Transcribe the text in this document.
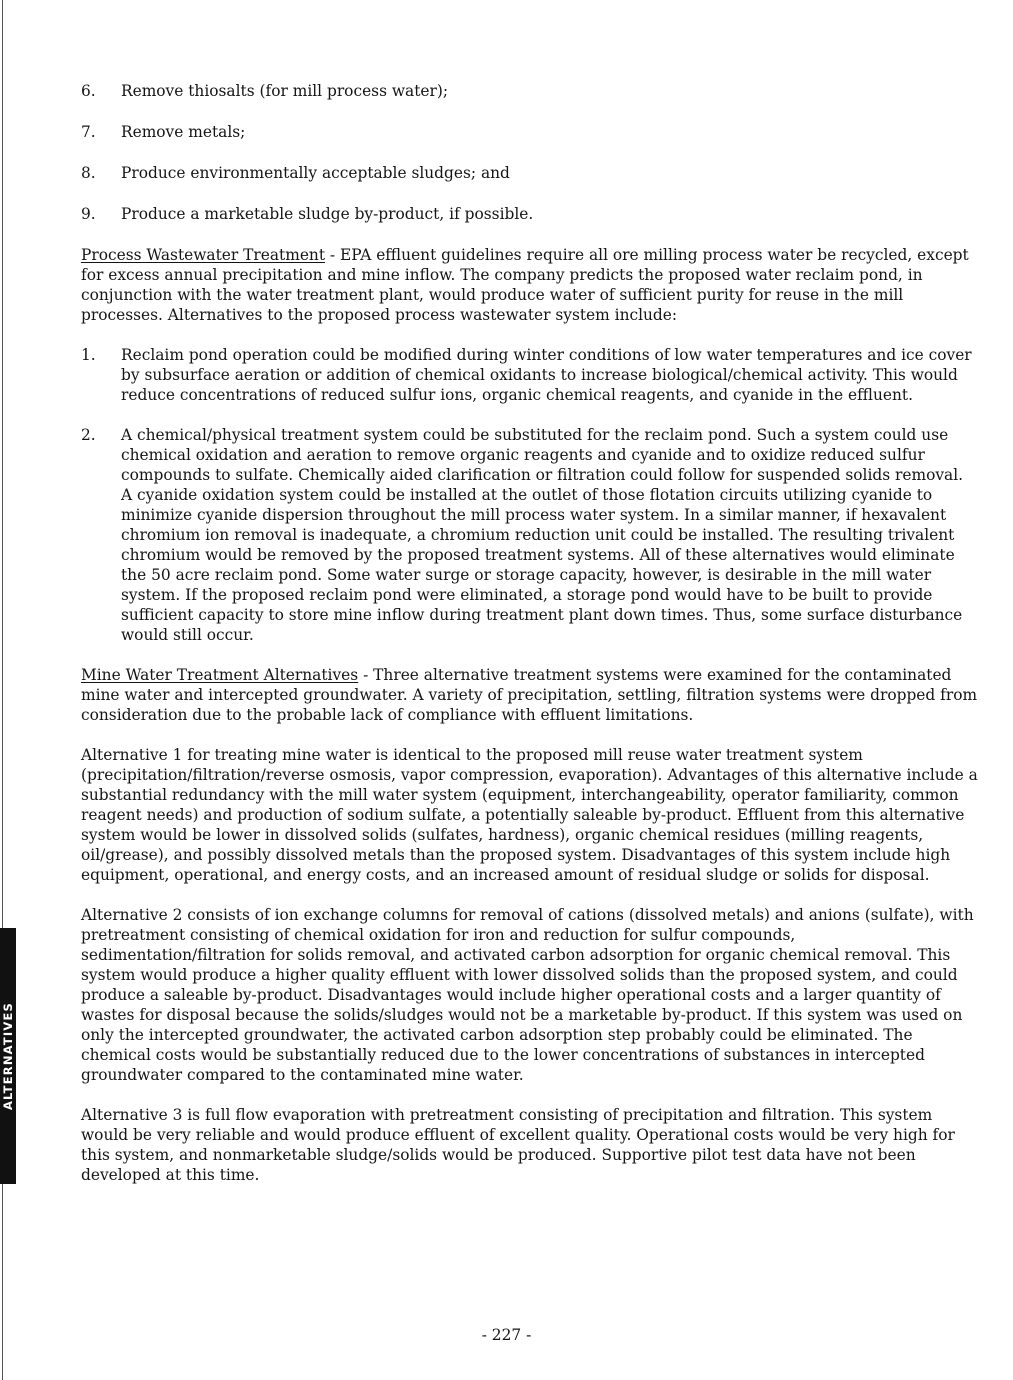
ALTERNATIVES
6. Remove thiosalts (for mill process water);
7. Remove metals;
8. Produce environmentally acceptable sludges; and
9. Produce a marketable sludge by-product, if possible.

Process Wastewater Treatment - EPA effluent guidelines require all ore milling process water be recycled, except for excess annual precipitation and mine inflow. The company predicts the proposed water reclaim pond, in conjunction with the water treatment plant, would produce water of sufficient purity for reuse in the mill processes. Alternatives to the proposed process wastewater system include:

1. Reclaim pond operation could be modified during winter conditions of low water temperatures and ice cover by subsurface aeration or addition of chemical oxidants to increase biological/chemical activity. This would reduce concentrations of reduced sulfur ions, organic chemical reagents, and cyanide in the effluent.
2. A chemical/physical treatment system could be substituted for the reclaim pond. Such a system could use chemical oxidation and aeration to remove organic reagents and cyanide and to oxidize reduced sulfur compounds to sulfate. Chemically aided clarification or filtration could follow for suspended solids removal. A cyanide oxidation system could be installed at the outlet of those flotation circuits utilizing cyanide to minimize cyanide dispersion throughout the mill process water system. In a similar manner, if hexavalent chromium ion removal is inadequate, a chromium reduction unit could be installed. The resulting trivalent chromium would be removed by the proposed treatment systems. All of these alternatives would eliminate the 50 acre reclaim pond. Some water surge or storage capacity, however, is desirable in the mill water system. If the proposed reclaim pond were eliminated, a storage pond would have to be built to provide sufficient capacity to store mine inflow during treatment plant down times. Thus, some surface disturbance would still occur.

Mine Water Treatment Alternatives - Three alternative treatment systems were examined for the contaminated mine water and intercepted groundwater. A variety of precipitation, settling, filtration systems were dropped from consideration due to the probable lack of compliance with effluent limitations.

Alternative 1 for treating mine water is identical to the proposed mill reuse water treatment system (precipitation/filtration/reverse osmosis, vapor compression, evaporation). Advantages of this alternative include a substantial redundancy with the mill water system (equipment, interchangeability, operator familiarity, common reagent needs) and production of sodium sulfate, a potentially saleable by-product. Effluent from this alternative system would be lower in dissolved solids (sulfates, hardness), organic chemical residues (milling reagents, oil/grease), and possibly dissolved metals than the proposed system. Disadvantages of this system include high equipment, operational, and energy costs, and an increased amount of residual sludge or solids for disposal.

Alternative 2 consists of ion exchange columns for removal of cations (dissolved metals) and anions (sulfate), with pretreatment consisting of chemical oxidation for iron and reduction for sulfur compounds, sedimentation/filtration for solids removal, and activated carbon adsorption for organic chemical removal. This system would produce a higher quality effluent with lower dissolved solids than the proposed system, and could produce a saleable by-product. Disadvantages would include higher operational costs and a larger quantity of wastes for disposal because the solids/sludges would not be a marketable by-product. If this system was used on only the intercepted groundwater, the activated carbon adsorption step probably could be eliminated. The chemical costs would be substantially reduced due to the lower concentrations of substances in intercepted groundwater compared to the contaminated mine water.

Alternative 3 is full flow evaporation with pretreatment consisting of precipitation and filtration. This system would be very reliable and would produce effluent of excellent quality. Operational costs would be very high for this system, and nonmarketable sludge/solids would be produced. Supportive pilot test data have not been developed at this time.

- 227 -
